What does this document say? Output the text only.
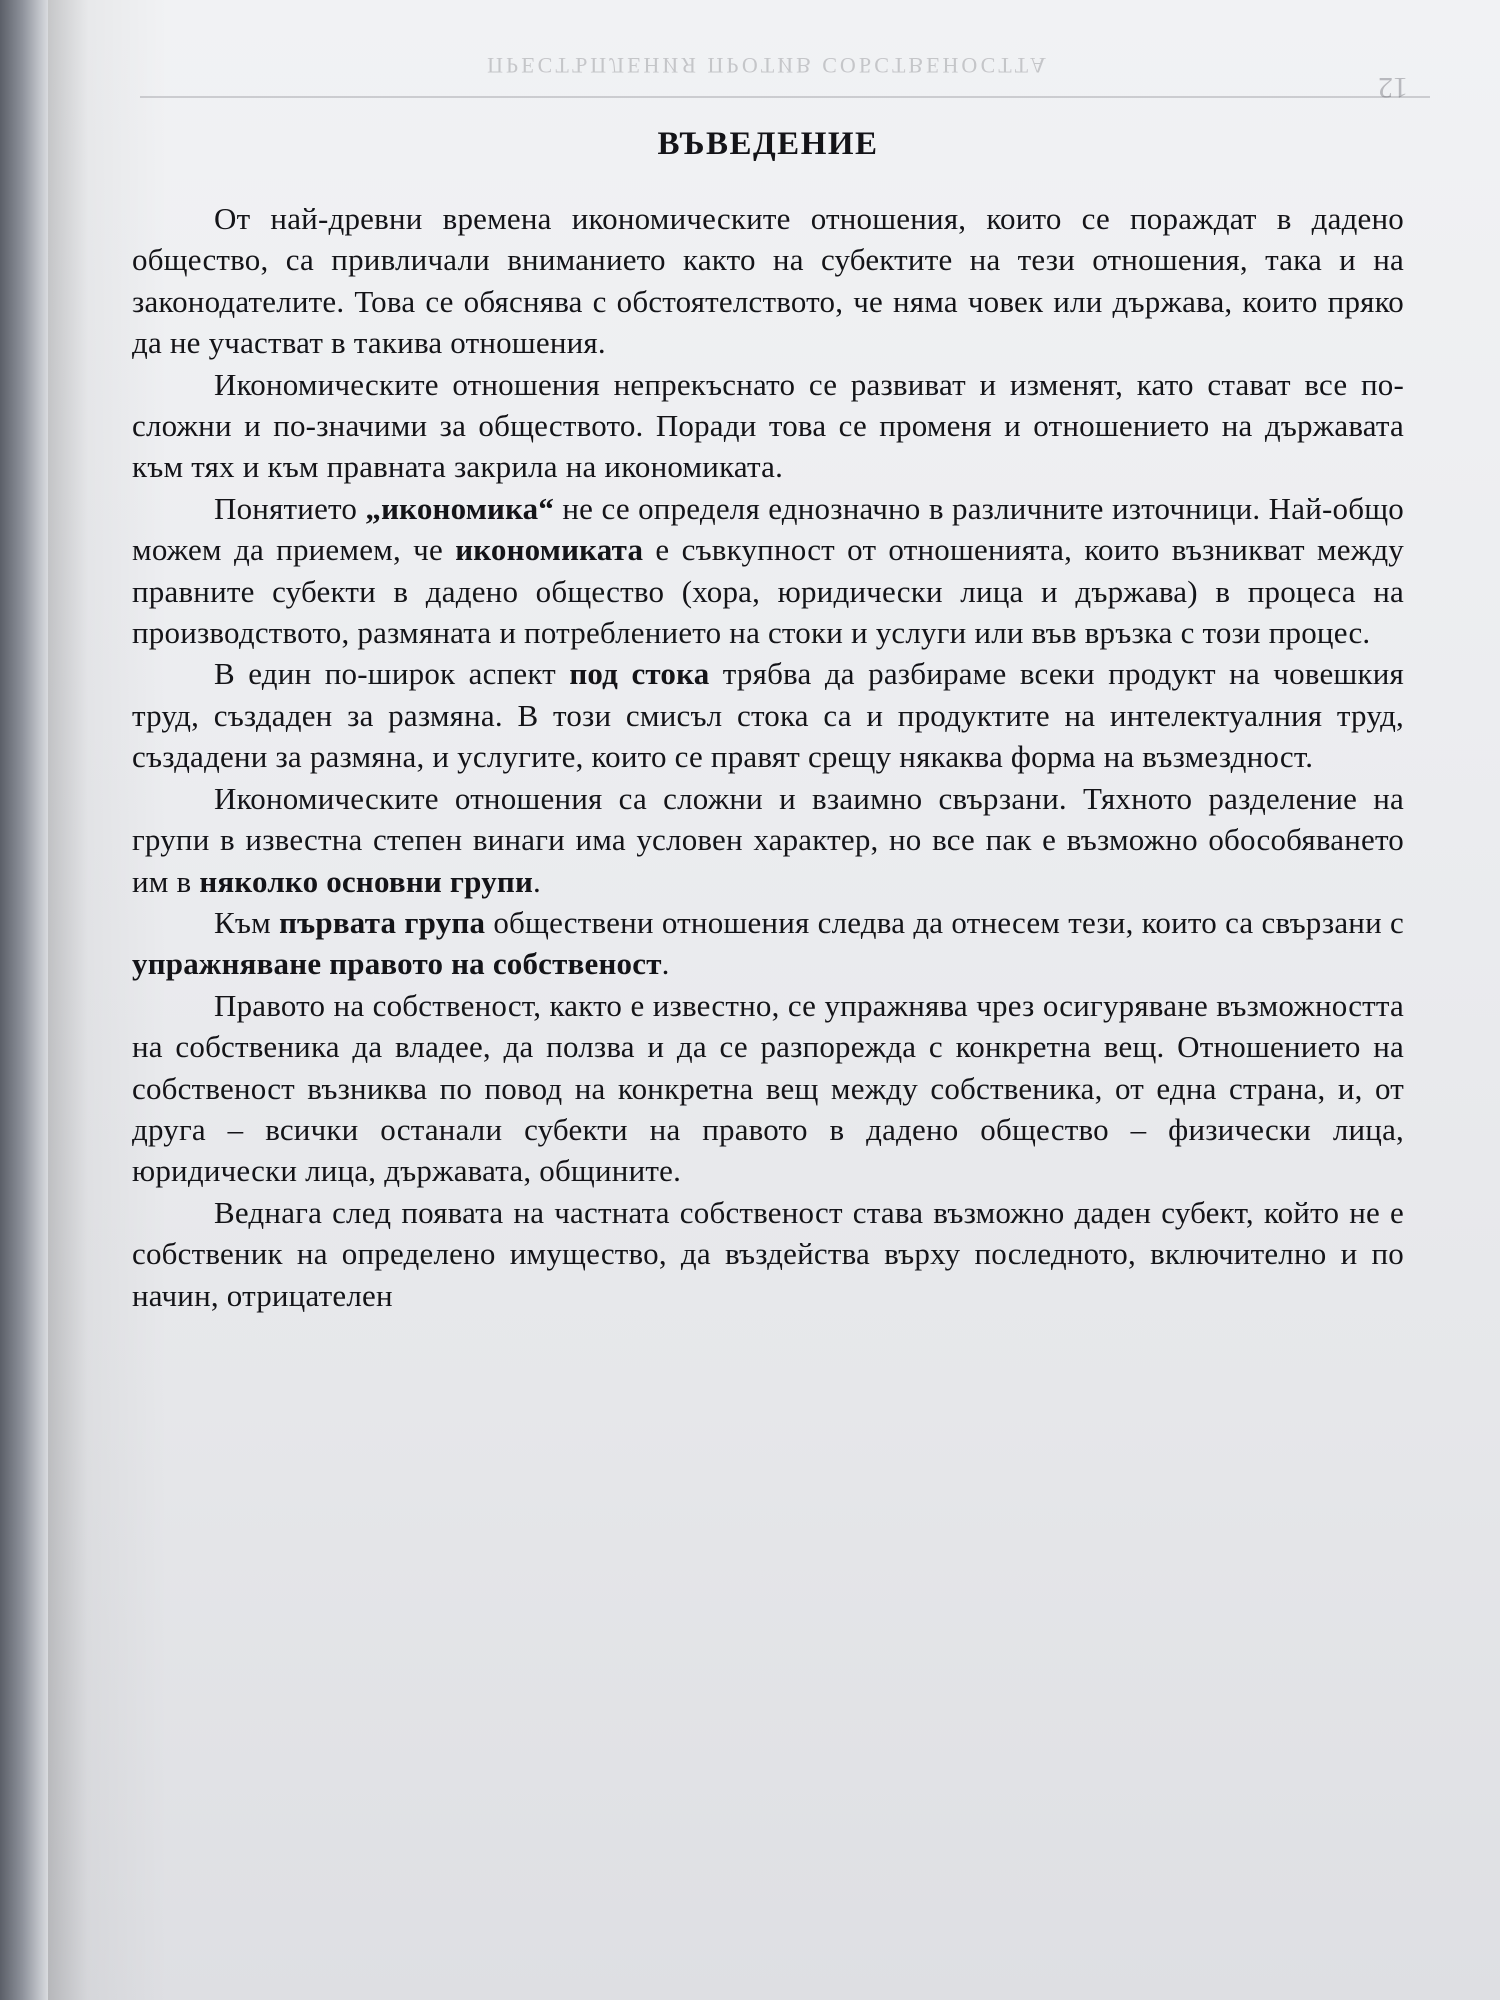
ПРЕСТЪПЛЕНИЯ ПРОТИВ СОБСТВЕНОСТТА
12
ВЪВЕДЕНИЕ

От най-древни времена икономическите отношения, които се пораждат в дадено общество, са привличали вниманието както на субектите на тези отношения, така и на законодателите. Това се обяснява с обстоятелството, че няма човек или държава, които пряко да не участват в такива отношения.

Икономическите отношения непрекъснато се развиват и изменят, като стават все по-сложни и по-значими за обществото. Поради това се променя и отношението на държавата към тях и към правната закрила на икономиката.

Понятието „икономика“ не се определя еднозначно в различните източници. Най-общо можем да приемем, че икономиката е съвкупност от отношенията, които възникват между правните субекти в дадено общество (хора, юридически лица и държава) в процеса на производството, размяната и потреблението на стоки и услуги или във връзка с този процес.

В един по-широк аспект под стока трябва да разбираме всеки продукт на човешкия труд, създаден за размяна. В този смисъл стока са и продуктите на интелектуалния труд, създадени за размяна, и услугите, които се правят срещу някаква форма на възмездност.

Икономическите отношения са сложни и взаимно свързани. Тяхното разделение на групи в известна степен винаги има условен характер, но все пак е възможно обособяването им в няколко основни групи.

Към първата група обществени отношения следва да отнесем тези, които са свързани с упражняване правото на собственост.

Правото на собственост, както е известно, се упражнява чрез осигуряване възможността на собственика да владее, да ползва и да се разпорежда с конкретна вещ. Отношението на собственост възниква по повод на конкретна вещ между собственика, от една страна, и, от друга – всички останали субекти на правото в дадено общество – физически лица, юридически лица, държавата, общините.

Веднага след появата на частната собственост става възможно даден субект, който не е собственик на определено имущество, да въздейства върху последното, включително и по начин, отрицателен
